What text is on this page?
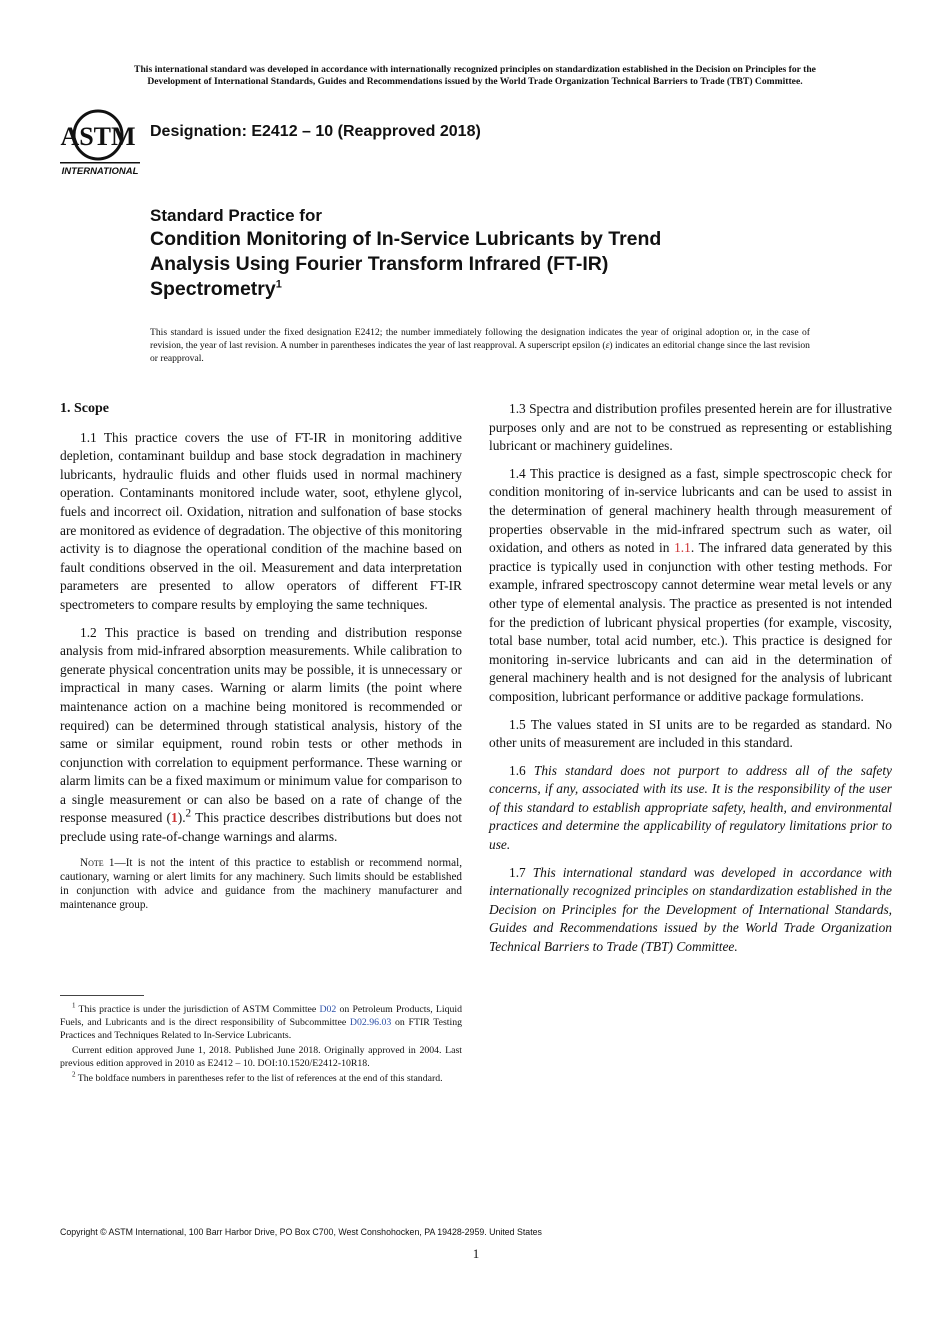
This international standard was developed in accordance with internationally recognized principles on standardization established in the Decision on Principles for the
Development of International Standards, Guides and Recommendations issued by the World Trade Organization Technical Barriers to Trade (TBT) Committee.
ASTM
INTERNATIONAL
Designation: E2412 – 10 (Reapproved 2018)
Standard Practice for
Condition Monitoring of In-Service Lubricants by Trend
Analysis Using Fourier Transform Infrared (FT-IR)
Spectrometry$^1$
This standard is issued under the fixed designation E2412; the number immediately following the designation indicates the year of original adoption or, in the case of revision, the year of last revision. A number in parentheses indicates the year of last reapproval. A superscript epsilon (ε) indicates an editorial change since the last revision or reapproval.
1. Scope

1.1 This practice covers the use of FT-IR in monitoring additive depletion, contaminant buildup and base stock degradation in machinery lubricants, hydraulic fluids and other fluids used in normal machinery operation. Contaminants monitored include water, soot, ethylene glycol, fuels and incorrect oil. Oxidation, nitration and sulfonation of base stocks are monitored as evidence of degradation. The objective of this monitoring activity is to diagnose the operational condition of the machine based on fault conditions observed in the oil. Measurement and data interpretation parameters are presented to allow operators of different FT-IR spectrometers to compare results by employing the same techniques.

1.2 This practice is based on trending and distribution response analysis from mid-infrared absorption measurements. While calibration to generate physical concentration units may be possible, it is unnecessary or impractical in many cases. Warning or alarm limits (the point where maintenance action on a machine being monitored is recommended or required) can be determined through statistical analysis, history of the same or similar equipment, round robin tests or other methods in conjunction with correlation to equipment performance. These warning or alarm limits can be a fixed maximum or minimum value for comparison to a single measurement or can also be based on a rate of change of the response measured (1).$^2$ This practice describes distributions but does not preclude using rate-of-change warnings and alarms.

Note 1—It is not the intent of this practice to establish or recommend normal, cautionary, warning or alert limits for any machinery. Such limits should be established in conjunction with advice and guidance from the machinery manufacturer and maintenance group.

1.3 Spectra and distribution profiles presented herein are for illustrative purposes only and are not to be construed as representing or establishing lubricant or machinery guidelines.

1.4 This practice is designed as a fast, simple spectroscopic check for condition monitoring of in-service lubricants and can be used to assist in the determination of general machinery health through measurement of properties observable in the mid-infrared spectrum such as water, oil oxidation, and others as noted in 1.1. The infrared data generated by this practice is typically used in conjunction with other testing methods. For example, infrared spectroscopy cannot determine wear metal levels or any other type of elemental analysis. The practice as presented is not intended for the prediction of lubricant physical properties (for example, viscosity, total base number, total acid number, etc.). This practice is designed for monitoring in-service lubricants and can aid in the determination of general machinery health and is not designed for the analysis of lubricant composition, lubricant performance or additive package formulations.

1.5 The values stated in SI units are to be regarded as standard. No other units of measurement are included in this standard.

1.6 This standard does not purport to address all of the safety concerns, if any, associated with its use. It is the responsibility of the user of this standard to establish appropriate safety, health, and environmental practices and determine the applicability of regulatory limitations prior to use.

1.7 This international standard was developed in accordance with internationally recognized principles on standardization established in the Decision on Principles for the Development of International Standards, Guides and Recommendations issued by the World Trade Organization Technical Barriers to Trade (TBT) Committee.

$^1$ This practice is under the jurisdiction of ASTM Committee D02 on Petroleum Products, Liquid Fuels, and Lubricants and is the direct responsibility of Subcommittee D02.96.03 on FTIR Testing Practices and Techniques Related to In-Service Lubricants.

Current edition approved June 1, 2018. Published June 2018. Originally approved in 2004. Last previous edition approved in 2010 as E2412 – 10. DOI:10.1520/E2412-10R18.

$^2$ The boldface numbers in parentheses refer to the list of references at the end of this standard.

Copyright © ASTM International, 100 Barr Harbor Drive, PO Box C700, West Conshohocken, PA 19428-2959. United States
1
